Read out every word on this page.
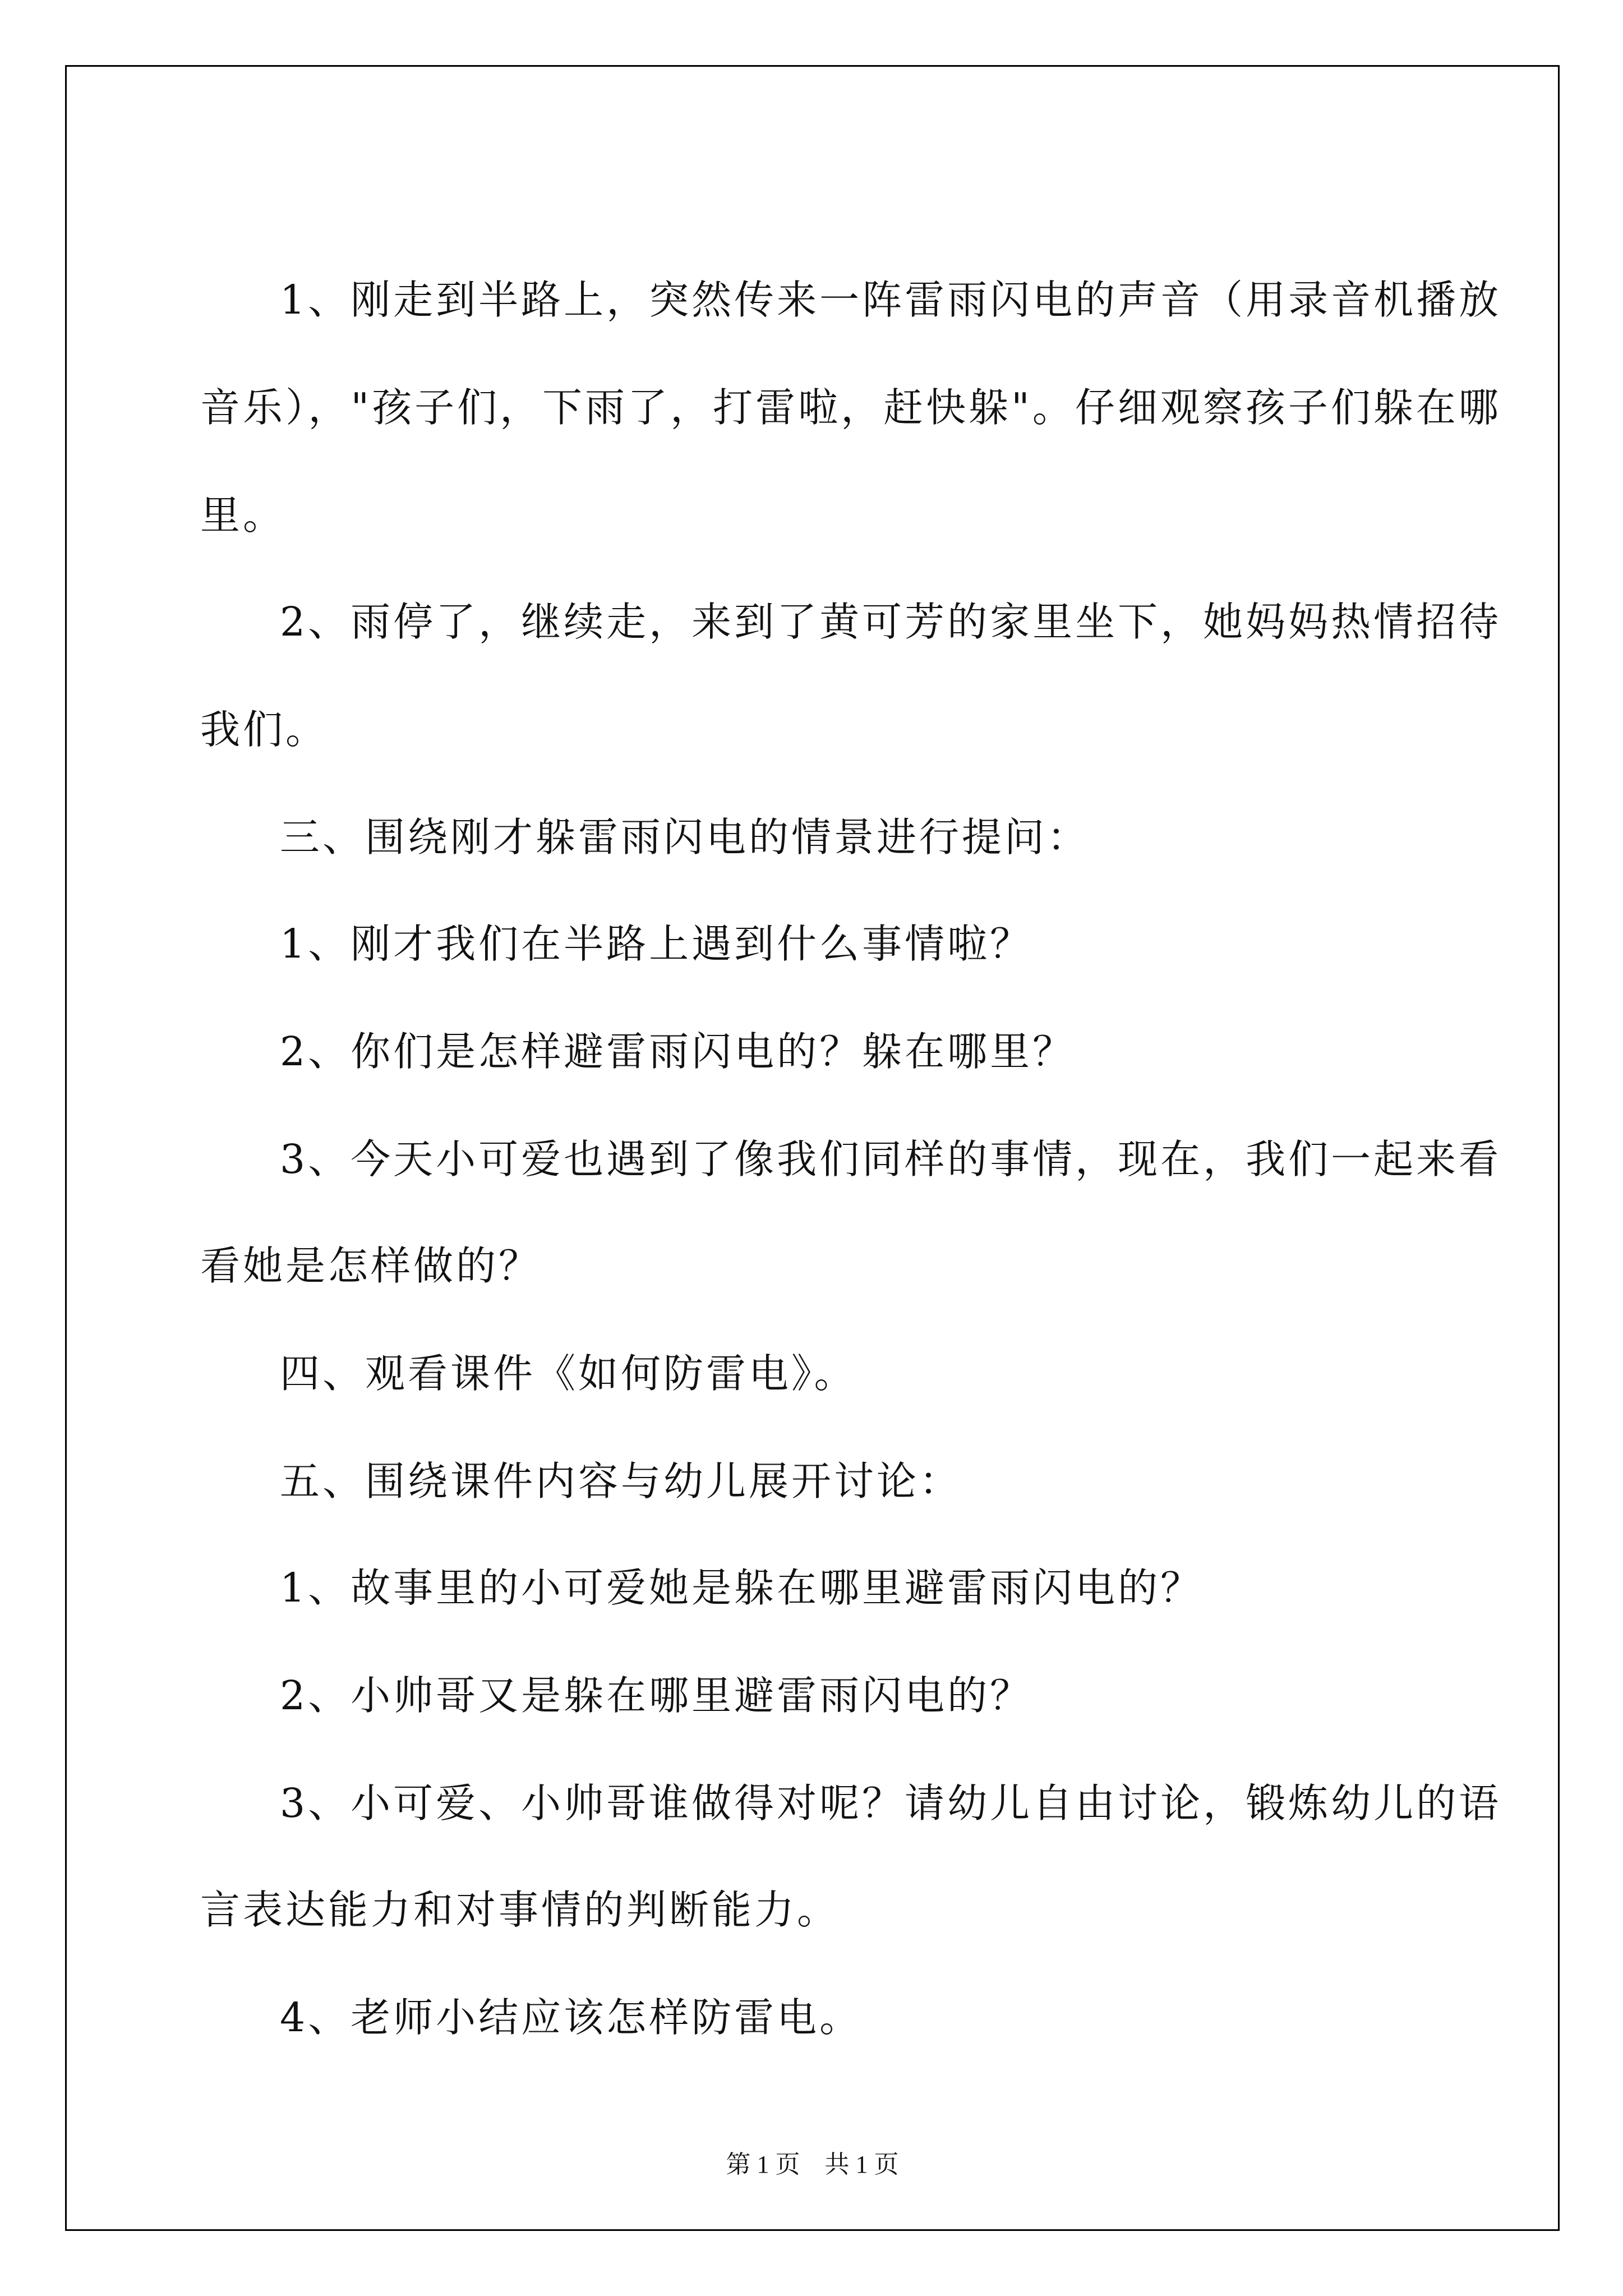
1、刚走到半路上，突然传来一阵雷雨闪电的声音（用录音机播放

音乐），"孩子们，下雨了，打雷啦，赶快躲"。仔细观察孩子们躲在哪

里。

2、雨停了，继续走，来到了黄可芳的家里坐下，她妈妈热情招待

我们。

三、围绕刚才躲雷雨闪电的情景进行提问：

1、刚才我们在半路上遇到什么事情啦？

2、你们是怎样避雷雨闪电的？躲在哪里？

3、今天小可爱也遇到了像我们同样的事情，现在，我们一起来看

看她是怎样做的？

四、观看课件《如何防雷电》。

五、围绕课件内容与幼儿展开讨论：

1、故事里的小可爱她是躲在哪里避雷雨闪电的？

2、小帅哥又是躲在哪里避雷雨闪电的？

3、小可爱、小帅哥谁做得对呢？请幼儿自由讨论，锻炼幼儿的语

言表达能力和对事情的判断能力。

4、老师小结应该怎样防雷电。

第 1 页    共 1 页
